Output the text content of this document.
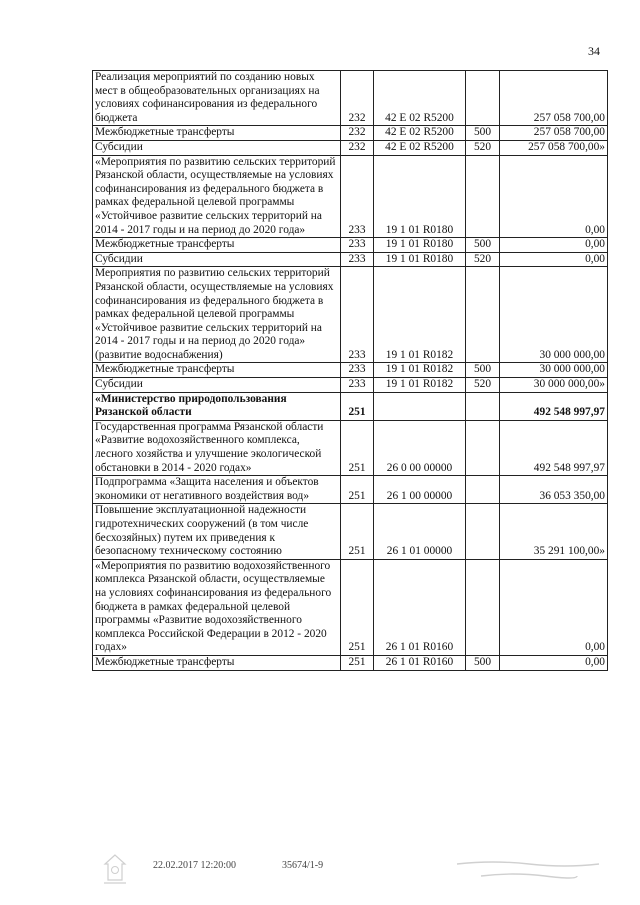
34
Реализация мероприятий по созданию новых мест в общеобразовательных организациях на условиях софинансирования из федерального бюджета	232	42 Е 02 R5200		257 058 700,00
Межбюджетные трансферты	232	42 Е 02 R5200	500	257 058 700,00
Субсидии	232	42 Е 02 R5200	520	257 058 700,00»
«Мероприятия по развитию сельских территорий Рязанской области, осуществляемые на условиях софинансирования из федерального бюджета в рамках федеральной целевой программы «Устойчивое развитие сельских территорий на 2014 - 2017 годы и на период до 2020 года»	233	19 1 01 R0180		0,00
Межбюджетные трансферты	233	19 1 01 R0180	500	0,00
Субсидии	233	19 1 01 R0180	520	0,00
Мероприятия по развитию сельских территорий Рязанской области, осуществляемые на условиях софинансирования из федерального бюджета в рамках федеральной целевой программы «Устойчивое развитие сельских территорий на 2014 - 2017 годы и на период до 2020 года» (развитие водоснабжения)	233	19 1 01 R0182		30 000 000,00
Межбюджетные трансферты	233	19 1 01 R0182	500	30 000 000,00
Субсидии	233	19 1 01 R0182	520	30 000 000,00»
«Министерство природопользования Рязанской области	251			492 548 997,97
Государственная программа Рязанской области «Развитие водохозяйственного комплекса, лесного хозяйства и улучшение экологической обстановки в 2014 - 2020 годах»	251	26 0 00 00000		492 548 997,97
Подпрограмма «Защита населения и объектов экономики от негативного воздействия вод»	251	26 1 00 00000		36 053 350,00
Повышение эксплуатационной надежности гидротехнических сооружений (в том числе бесхозяйных) путем их приведения к безопасному техническому состоянию	251	26 1 01 00000		35 291 100,00»
«Мероприятия по развитию водохозяйственного комплекса Рязанской области, осуществляемые на условиях софинансирования из федерального бюджета в рамках федеральной целевой программы «Развитие водохозяйственного комплекса Российской Федерации в 2012 - 2020 годах»	251	26 1 01 R0160		0,00
Межбюджетные трансферты	251	26 1 01 R0160	500	0,00
22.02.2017 12:20:00	35674/1-9
